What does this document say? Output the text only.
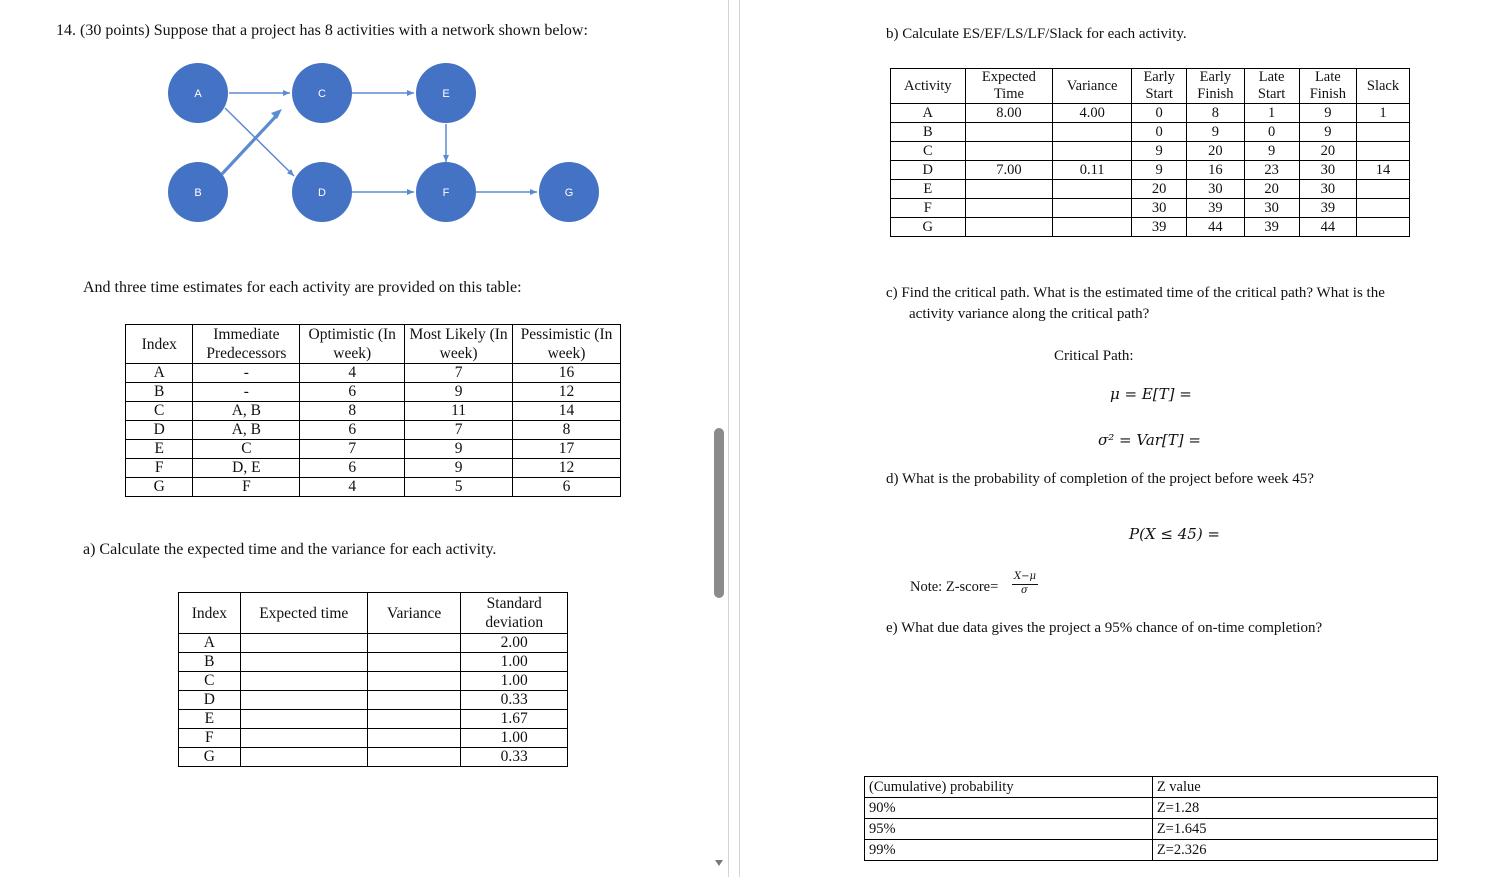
14. (30 points) Suppose that a project has 8 activities with a network shown below:
A
B
C
D
E
F	G
And three time estimates for each activity are provided on this table:
Index	Immediate Predecessors	Optimistic (In week)	Most Likely (In week)	Pessimistic (In week)
A	-	4	7	16
B	-	6	9	12
C	A, B	8	11	14
D	A, B	6	7	8
E	C	7	9	17
F	D, E	6	9	12
G	F	4	5	6
a) Calculate the expected time and the variance for each activity.
Index	Expected time	Variance	Standard deviation
A			2.00
B			1.00
C			1.00
D			0.33
E			1.67
F			1.00
G			0.33
b) Calculate ES/EF/LS/LF/Slack for each activity.
Activity	Expected Time	Variance	Early Start	Early Finish	Late Start	Late Finish	Slack
A	8.00	4.00	0	8	1	9	1
B			0	9	0	9	
C			9	20	9	20	
D	7.00	0.11	9	16	23	30	14
E			20	30	20	30	
F			30	39	30	39	
G			39	44	39	44	
c) Find the critical path. What is the estimated time of the critical path? What is the
activity variance along the critical path?
Critical Path:
μ = E[T] =
σ² = Var[T] =
d) What is the probability of completion of the project before week 45?
P(X ≤ 45) =
Note: Z-score=
X−μ
σ
e) What due data gives the project a 95% chance of on-time completion?
(Cumulative) probability	Z value
90%	Z=1.28
95%	Z=1.645
99%	Z=2.326
